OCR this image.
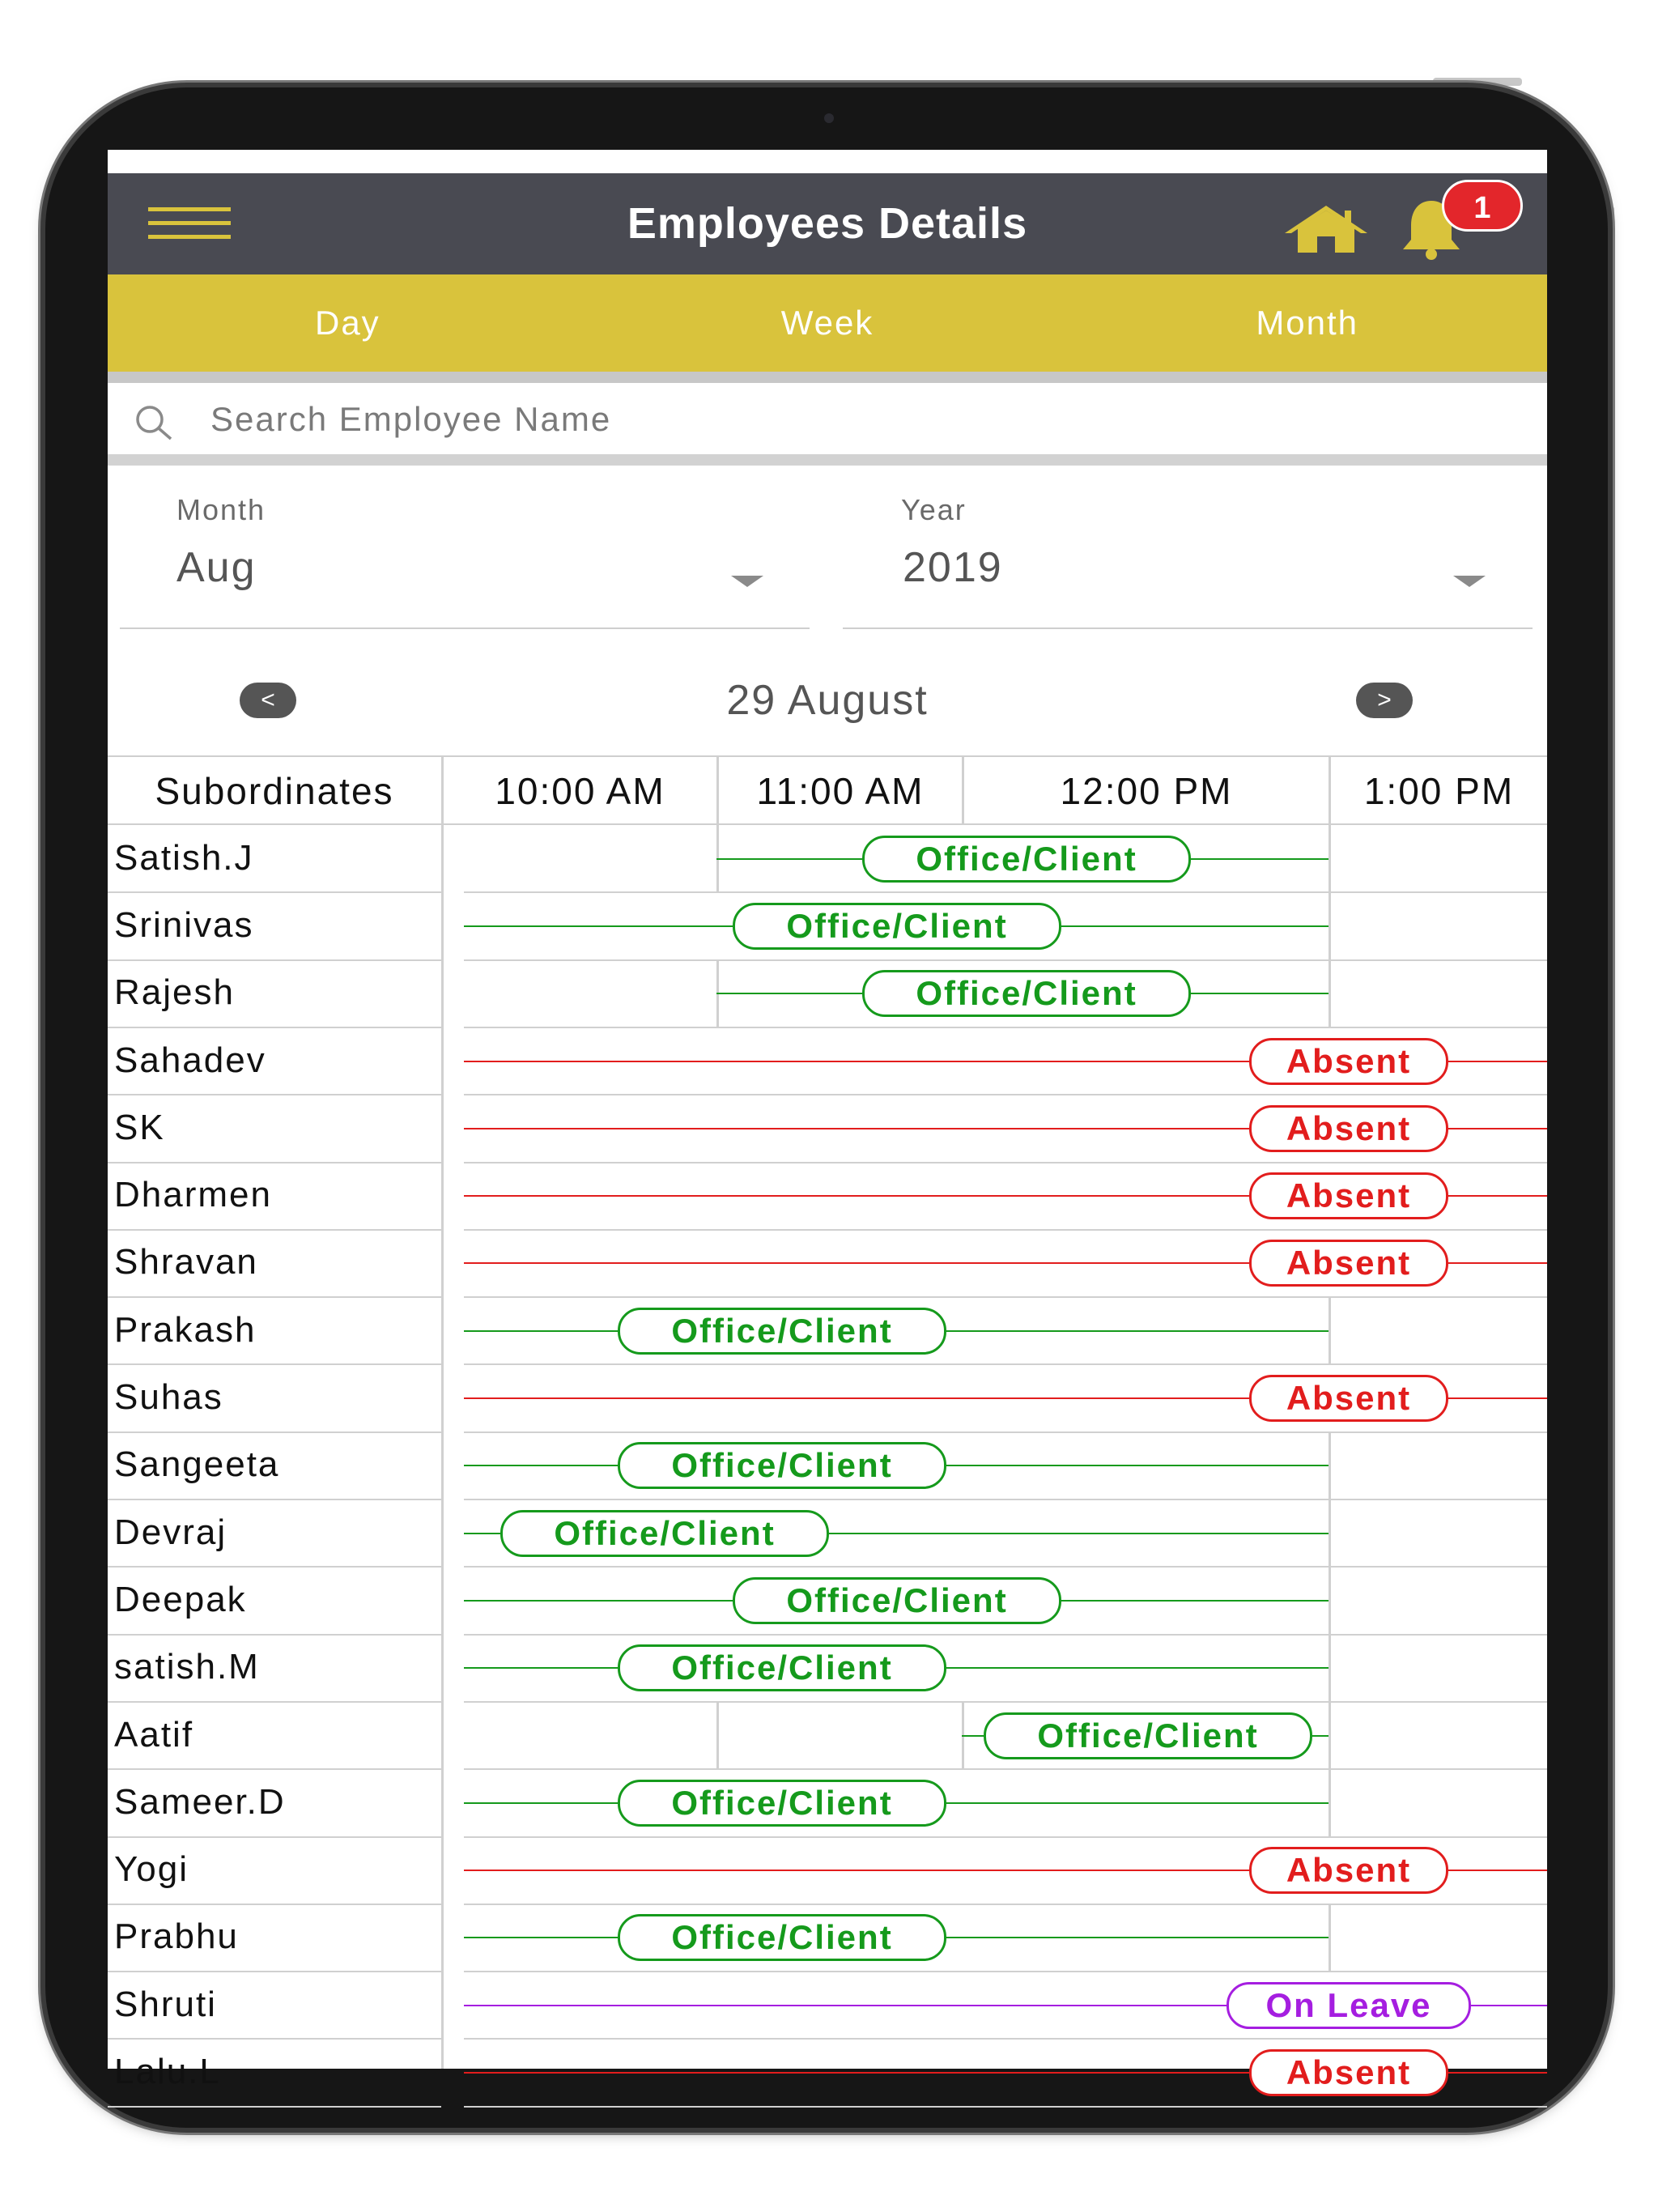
Employees Details	1
Day	Week	Month
Search Employee Name
Month
Aug
Year
2019
29 August
<	>
Subordinates	10:00 AM	11:00 AM	12:00 PM	1:00 PM
Satish.J	Office/Client
Srinivas	Office/Client
Rajesh	Office/Client
Sahadev	Absent
SK	Absent
Dharmen	Absent
Shravan	Absent
Prakash	Office/Client
Suhas	Absent
Sangeeta	Office/Client
Devraj	Office/Client
Deepak	Office/Client
satish.M	Office/Client
Aatif	Office/Client
Sameer.D	Office/Client
Yogi	Absent
Prabhu	Office/Client
Shruti	On Leave
Lalu.L	Absent
